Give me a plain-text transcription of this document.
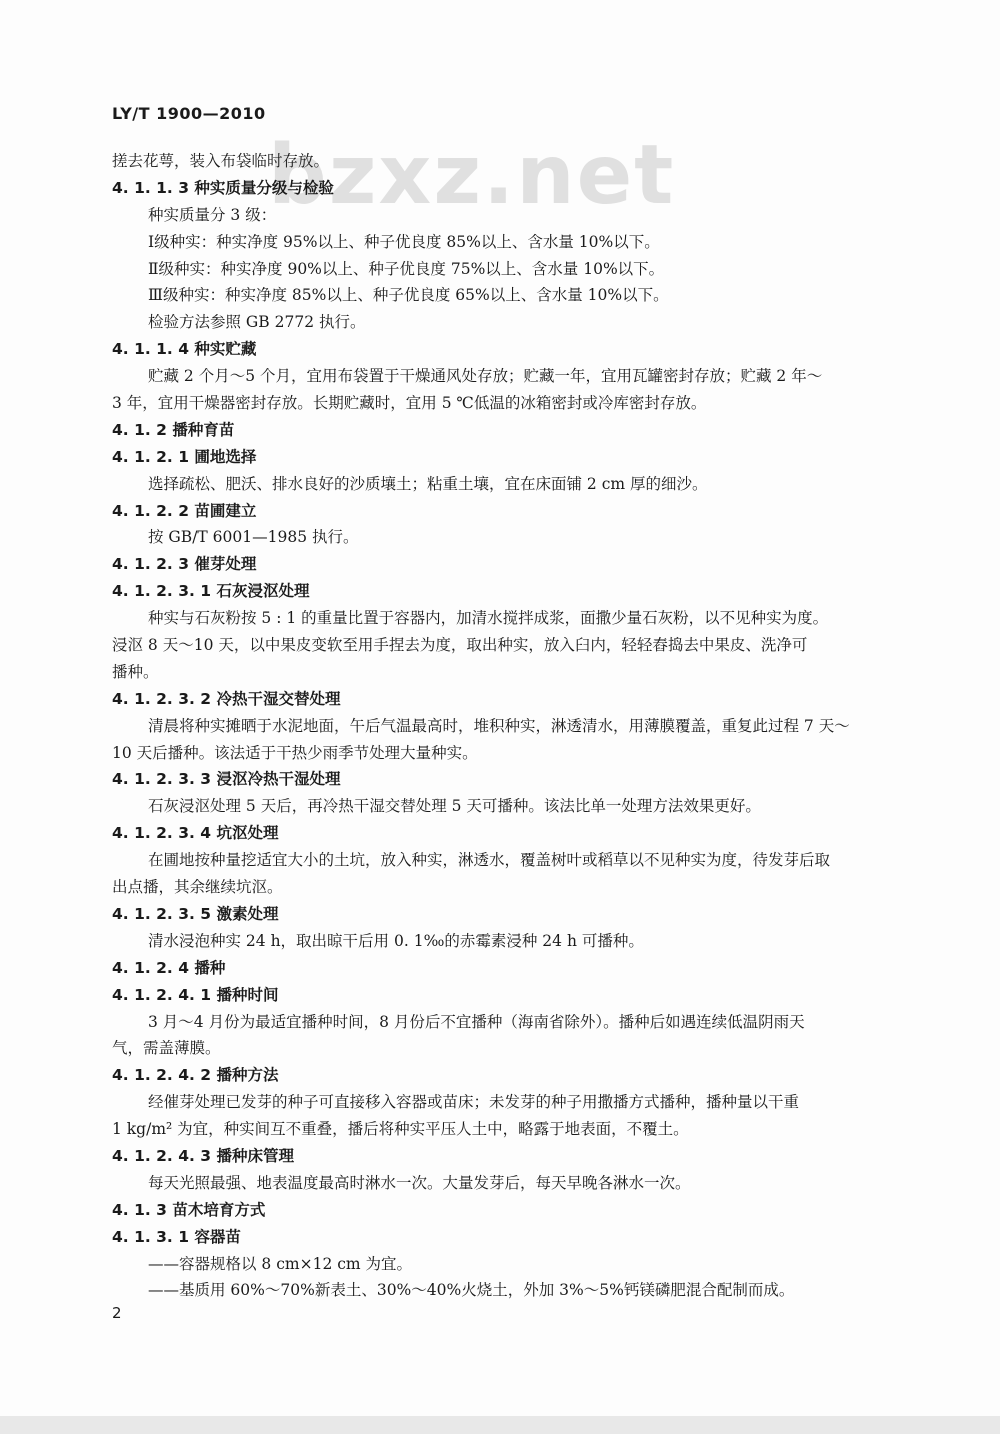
LY/T 1900—2010
bzxz.net
搓去花萼，装入布袋临时存放。
4. 1. 1. 3 种实质量分级与检验
种实质量分 3 级：
Ⅰ级种实：种实净度 95%以上、种子优良度 85%以上、含水量 10%以下。
Ⅱ级种实：种实净度 90%以上、种子优良度 75%以上、含水量 10%以下。
Ⅲ级种实：种实净度 85%以上、种子优良度 65%以上、含水量 10%以下。
检验方法参照 GB 2772 执行。
4. 1. 1. 4 种实贮藏
贮藏 2 个月～5 个月，宜用布袋置于干燥通风处存放；贮藏一年，宜用瓦罐密封存放；贮藏 2 年～
3 年，宜用干燥器密封存放。长期贮藏时，宜用 5 ℃低温的冰箱密封或冷库密封存放。
4. 1. 2 播种育苗
4. 1. 2. 1 圃地选择
选择疏松、肥沃、排水良好的沙质壤土；粘重土壤，宜在床面铺 2 cm 厚的细沙。
4. 1. 2. 2 苗圃建立
按 GB/T 6001—1985 执行。
4. 1. 2. 3 催芽处理
4. 1. 2. 3. 1 石灰浸沤处理
种实与石灰粉按 5 : 1 的重量比置于容器内，加清水搅拌成浆，面撒少量石灰粉，以不见种实为度。
浸沤 8 天～10 天，以中果皮变软至用手捏去为度，取出种实，放入臼内，轻轻舂捣去中果皮、洗净可
播种。
4. 1. 2. 3. 2 冷热干湿交替处理
清晨将种实摊晒于水泥地面，午后气温最高时，堆积种实，淋透清水，用薄膜覆盖，重复此过程 7 天～
10 天后播种。该法适于干热少雨季节处理大量种实。
4. 1. 2. 3. 3 浸沤冷热干湿处理
石灰浸沤处理 5 天后，再冷热干湿交替处理 5 天可播种。该法比单一处理方法效果更好。
4. 1. 2. 3. 4 坑沤处理
在圃地按种量挖适宜大小的土坑，放入种实，淋透水，覆盖树叶或稻草以不见种实为度，待发芽后取
出点播，其余继续坑沤。
4. 1. 2. 3. 5 激素处理
清水浸泡种实 24 h，取出晾干后用 0. 1‰的赤霉素浸种 24 h 可播种。
4. 1. 2. 4 播种
4. 1. 2. 4. 1 播种时间
3 月～4 月份为最适宜播种时间，8 月份后不宜播种（海南省除外）。播种后如遇连续低温阴雨天
气，需盖薄膜。
4. 1. 2. 4. 2 播种方法
经催芽处理已发芽的种子可直接移入容器或苗床；未发芽的种子用撒播方式播种，播种量以干重
1 kg/m² 为宜，种实间互不重叠，播后将种实平压人土中，略露于地表面，不覆土。
4. 1. 2. 4. 3 播种床管理
每天光照最强、地表温度最高时淋水一次。大量发芽后，每天早晚各淋水一次。
4. 1. 3 苗木培育方式
4. 1. 3. 1 容器苗
——容器规格以 8 cm×12 cm 为宜。
——基质用 60%～70%新表土、30%～40%火烧土，外加 3%～5%钙镁磷肥混合配制而成。
2
